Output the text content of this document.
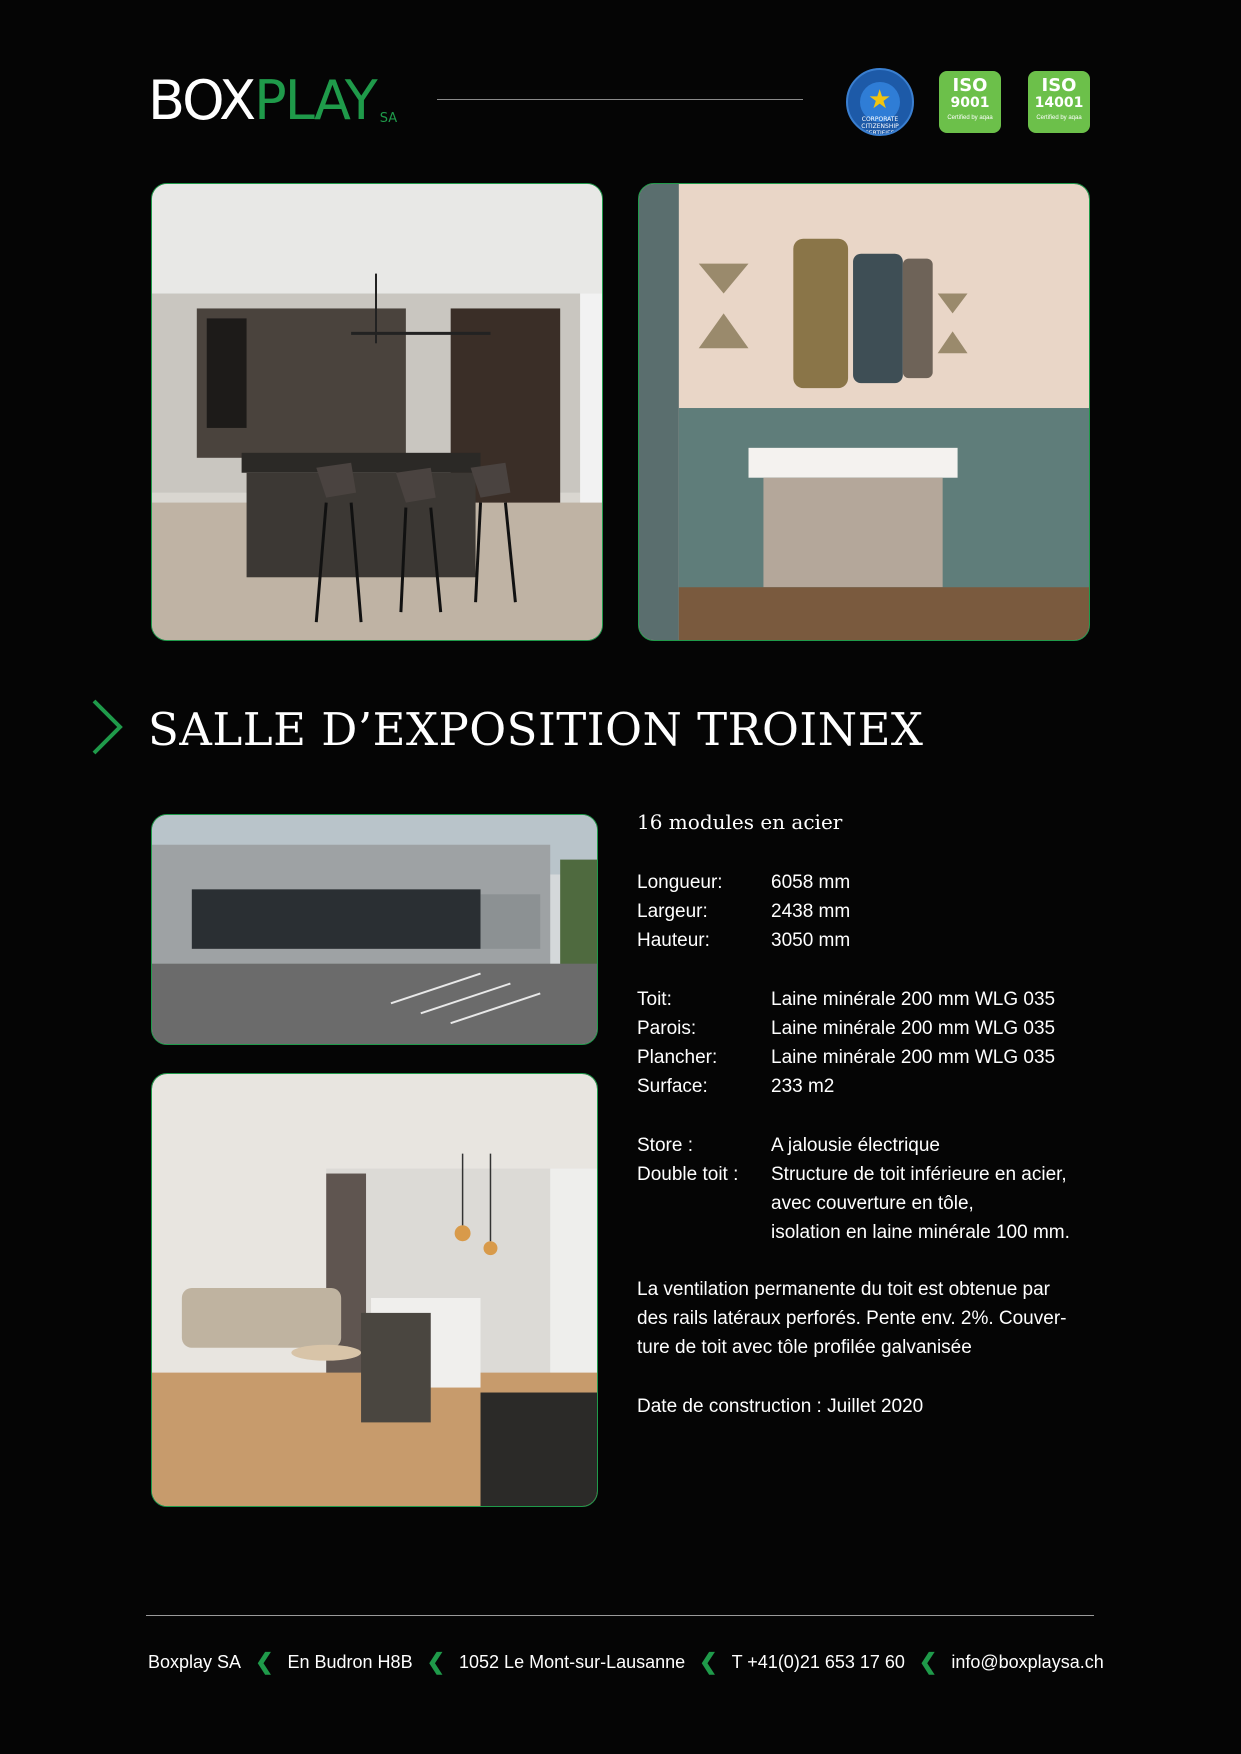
BOX PLAY SA
★
CORPORATE CITIZENSHIP CERTIFIED
ISO
9001
Certified by aqaa
ISO
14001
Certified by aqaa
SALLE D’EXPOSITION TROINEX
16 modules en acier
Longueur:	6058 mm
Largeur:	2438 mm
Hauteur:	3050 mm
Toit:	Laine minérale 200 mm WLG 035
Parois:	Laine minérale 200 mm WLG 035
Plancher:	Laine minérale 200 mm WLG 035
Surface:	233 m2
Store :	A jalousie électrique
Double toit : Structure de toit inférieure en acier,
avec couverture en tôle,
isolation en laine minérale 100 mm.
La ventilation permanente du toit est obtenue par
des rails latéraux perforés. Pente env. 2%. Couver-
ture de toit avec tôle profilée galvanisée
Date de construction : Juillet 2020
Boxplay SA ❮ En Budron H8B ❮ 1052 Le Mont-sur-Lausanne ❮ T +41(0)21 653 17 60 ❮ info@boxplaysa.ch
